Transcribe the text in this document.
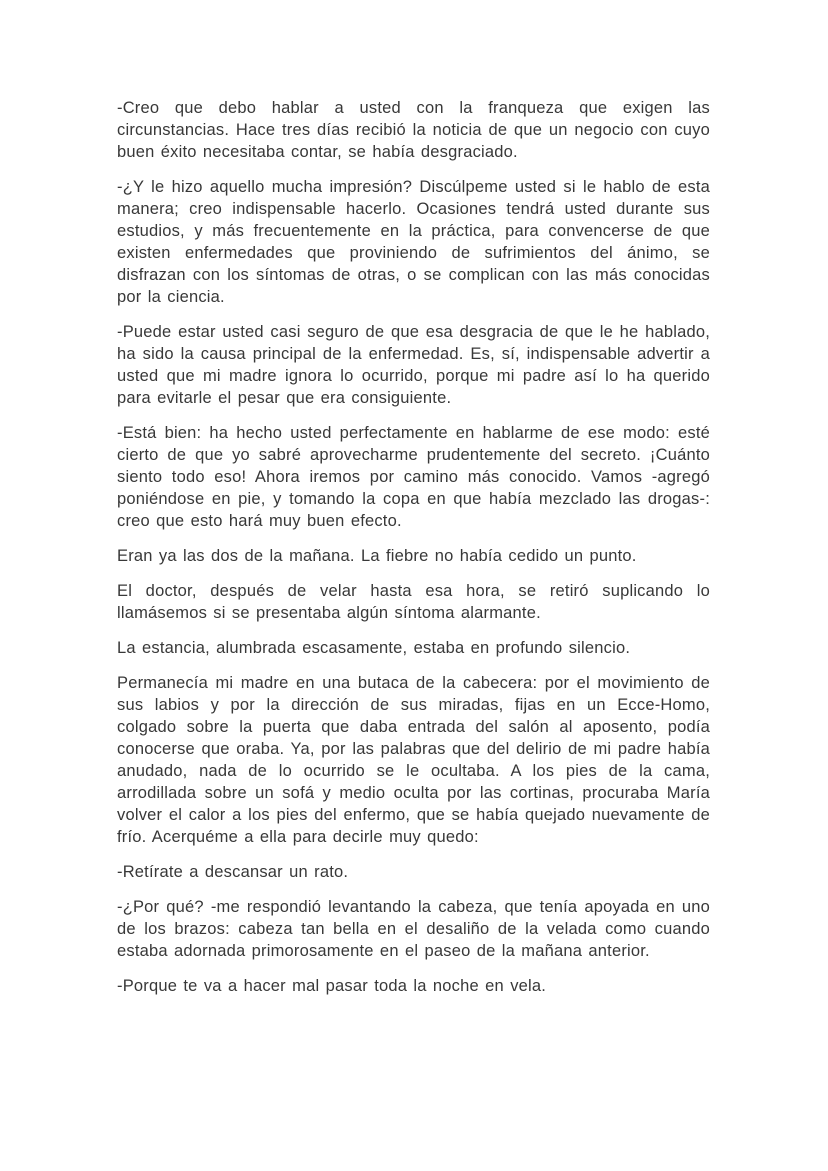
-Creo que debo hablar a usted con la franqueza que exigen las circunstancias. Hace tres días recibió la noticia de que un negocio con cuyo buen éxito necesitaba contar, se había desgraciado.

-¿Y le hizo aquello mucha impresión? Discúlpeme usted si le hablo de esta manera; creo indispensable hacerlo. Ocasiones tendrá usted durante sus estudios, y más frecuentemente en la práctica, para convencerse de que existen enfermedades que proviniendo de sufrimientos del ánimo, se disfrazan con los síntomas de otras, o se complican con las más conocidas por la ciencia.

-Puede estar usted casi seguro de que esa desgracia de que le he hablado, ha sido la causa principal de la enfermedad. Es, sí, indispensable advertir a usted que mi madre ignora lo ocurrido, porque mi padre así lo ha querido para evitarle el pesar que era consiguiente.

-Está bien: ha hecho usted perfectamente en hablarme de ese modo: esté cierto de que yo sabré aprovecharme prudentemente del secreto. ¡Cuánto siento todo eso! Ahora iremos por camino más conocido. Vamos -agregó poniéndose en pie, y tomando la copa en que había mezclado las drogas-: creo que esto hará muy buen efecto.

Eran ya las dos de la mañana. La fiebre no había cedido un punto.

El doctor, después de velar hasta esa hora, se retiró suplicando lo llamásemos si se presentaba algún síntoma alarmante.

La estancia, alumbrada escasamente, estaba en profundo silencio.

Permanecía mi madre en una butaca de la cabecera: por el movimiento de sus labios y por la dirección de sus miradas, fijas en un Ecce-Homo, colgado sobre la puerta que daba entrada del salón al aposento, podía conocerse que oraba. Ya, por las palabras que del delirio de mi padre había anudado, nada de lo ocurrido se le ocultaba. A los pies de la cama, arrodillada sobre un sofá y medio oculta por las cortinas, procuraba María volver el calor a los pies del enfermo, que se había quejado nuevamente de frío. Acerquéme a ella para decirle muy quedo:

-Retírate a descansar un rato.

-¿Por qué? -me respondió levantando la cabeza, que tenía apoyada en uno de los brazos: cabeza tan bella en el desaliño de la velada como cuando estaba adornada primorosamente en el paseo de la mañana anterior.

-Porque te va a hacer mal pasar toda la noche en vela.
